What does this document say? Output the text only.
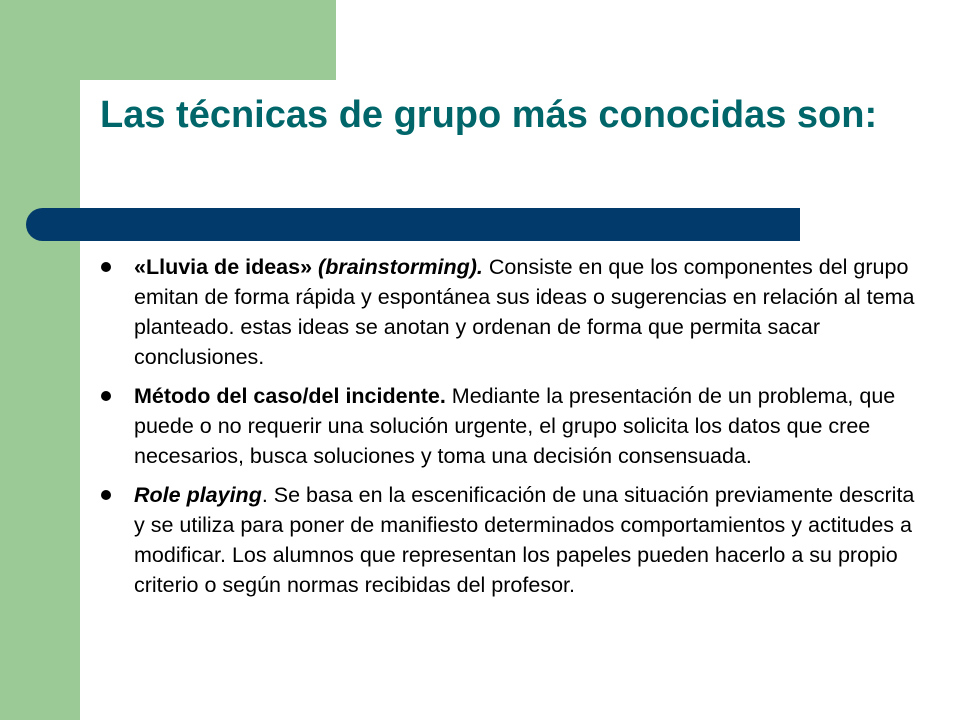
Las técnicas de grupo más conocidas son:
«Lluvia de ideas» (brainstorming). Consiste en que los componentes del grupo emitan de forma rápida y espontánea sus ideas o sugerencias en relación al tema planteado. estas ideas se anotan y ordenan de forma que permita sacar conclusiones.
Método del caso/del incidente. Mediante la presentación de un problema, que puede o no requerir una solución urgente, el grupo solicita los datos que cree necesarios, busca soluciones y toma una decisión consensuada.
Role playing. Se basa en la escenificación de una situación previamente descrita y se utiliza para poner de manifiesto determinados comportamientos y actitudes a modificar. Los alumnos que representan los papeles pueden hacerlo a su propio criterio o según normas recibidas del profesor.
